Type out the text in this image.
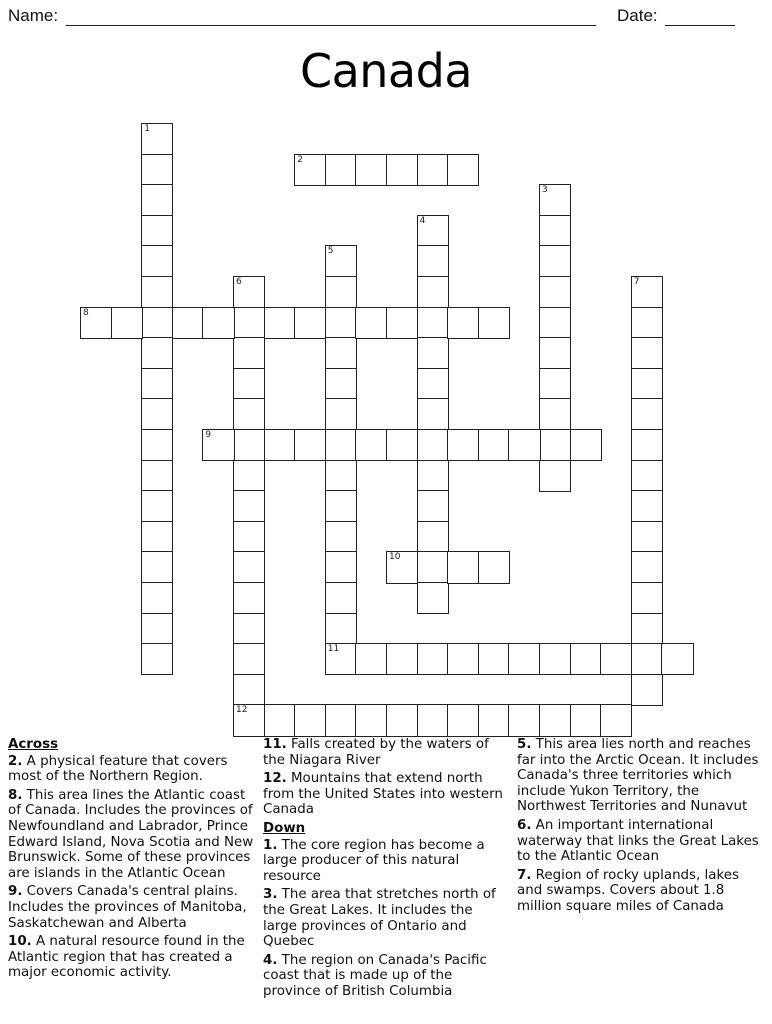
Name:	Date:
Canada
1
2
3
4
5
11
6
12
7
8
9
10
Across
2. A physical feature that covers most of the Northern Region.
8. This area lines the Atlantic coast of Canada. Includes the provinces of Newfoundland and Labrador, Prince Edward Island, Nova Scotia and New Brunswick. Some of these provinces are islands in the Atlantic Ocean
9. Covers Canada's central plains. Includes the provinces of Manitoba, Saskatchewan and Alberta
10. A natural resource found in the Atlantic region that has created a major economic activity.
11. Falls created by the waters of the Niagara River
12. Mountains that extend north from the United States into western Canada
Down
1. The core region has become a large producer of this natural resource
3. The area that stretches north of the Great Lakes. It includes the large provinces of Ontario and Quebec
4. The region on Canada's Pacific coast that is made up of the province of British Columbia
5. This area lies north and reaches far into the Arctic Ocean. It includes Canada's three territories which include Yukon Territory, the Northwest Territories and Nunavut
6. An important international waterway that links the Great Lakes to the Atlantic Ocean
7. Region of rocky uplands, lakes and swamps. Covers about 1.8 million square miles of Canada
